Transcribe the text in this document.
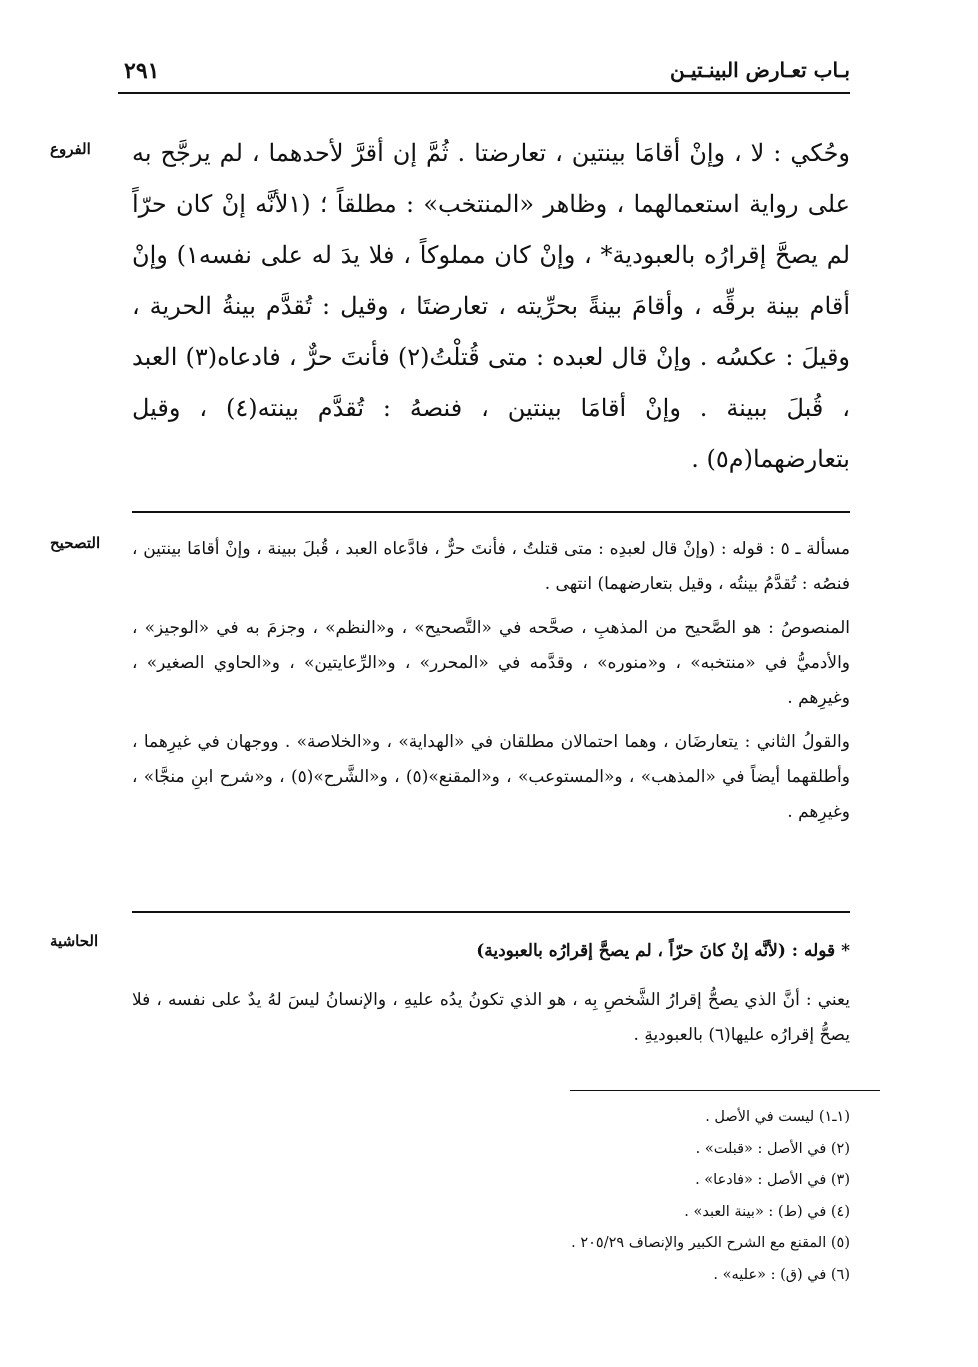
بـاب تعـارض البينـتيـن
٢٩١
الفروع	وحُكي : لا ، وإنْ أقامَا بينتين ، تعارضتا . ثُمَّ إن أقرَّ لأحدهما ، لم يرجَّح به على رواية استعمالهما ، وظاهر «المنتخب» : مطلقاً ؛ (١لأنَّه إنْ كان حرّاً لم يصحَّ إقرارُه بالعبودية* ، وإنْ كان مملوكاً ، فلا يدَ له على نفسه١) وإنْ أقام بينة برقِّه ، وأقامَ بينةً بحرِّيته ، تعارضتَا ، وقيل : تُقدَّم بينةُ الحرية ، وقيلَ : عكسُه . وإنْ قال لعبده : متى قُتلْتُ(٢) فأنتَ حرٌّ ، فادعاه(٣) العبد ، قُبلَ ببينة . وإنْ أقامَا بينتين ، فنصهُ : تُقدَّم بينته(٤) ، وقيل بتعارضهما(م٥) .

التصحيح	مسألة ـ ٥ : قوله : (وإنْ قال لعبدِه : متى قتلتُ ، فأنتَ حرٌّ ، فادَّعاه العبد ، قُبلَ ببينة ، وإنْ أقامَا بينتين ، فنصُه : تُقدَّمُ بينتُه ، وقيل بتعارضهما) انتهى .

المنصوصُ : هو الصَّحيح من المذهبِ ، صحَّحه في «التَّصحيح» ، و«النظم» ، وجزمَ به في «الوجيز» ، والأدميُّ في «منتخبه» ، و«منوره» ، وقدَّمه في «المحرر» ، و«الرِّعايتين» ، و«الحاوي الصغير» ، وغيرِهم .

والقولُ الثاني : يتعارضَان ، وهما احتمالان مطلقان في «الهداية» ، و«الخلاصة» . ووجهان في غيرِهما ، وأطلقهما أيضاً في «المذهب» ، و«المستوعب» ، و«المقنع»(٥) ، و«الشَّرح»(٥) ، و«شرح ابنِ منجَّا» ، وغيرِهم .

الحاشية	* قوله : (لأنَّه إنْ كانَ حرّاً ، لم يصحَّ إقرارُه بالعبودية)

يعني : أنَّ الذي يصحُّ إقرارُ الشَّخصِ بِه ، هو الذي تكونُ يدُه عليهِ ، والإنسانُ ليسَ لهُ يدٌ على نفسه ، فلا يصحُّ إقرارُه عليها(٦) بالعبوديةِ .

(١ـ١) ليست في الأصل .
(٢) في الأصل : «قبلت» .
(٣) في الأصل : «فادعا» .
(٤) في (ط) : «بينة العبد» .
(٥) المقنع مع الشرح الكبير والإنصاف ٢٠٥/٢٩ .
(٦) في (ق) : «عليه» .
